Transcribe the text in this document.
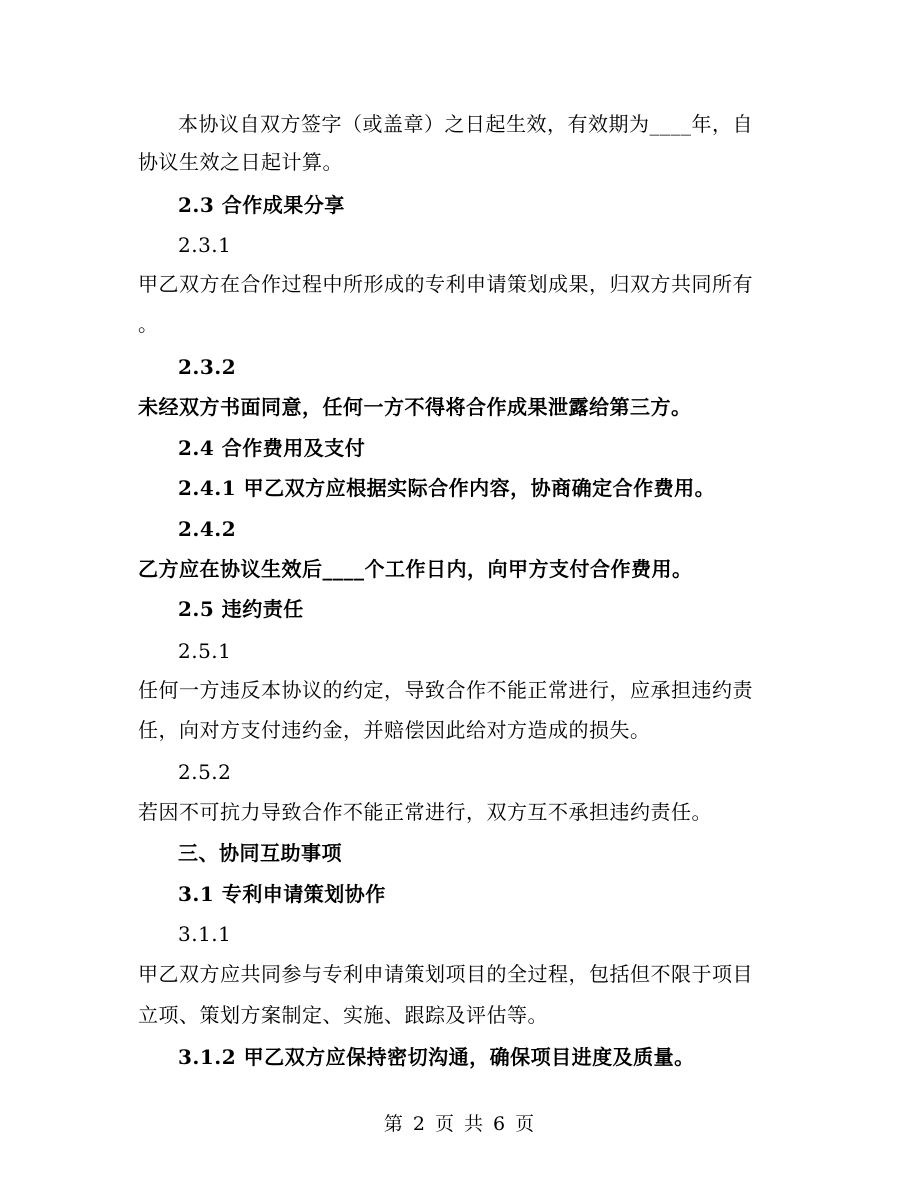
本协议自双方签字（或盖章）之日起生效，有效期为____年，自
协议生效之日起计算。
2.3 合作成果分享
2.3.1
甲乙双方在合作过程中所形成的专利申请策划成果，归双方共同所有
。
2.3.2
未经双方书面同意，任何一方不得将合作成果泄露给第三方。
2.4 合作费用及支付
2.4.1 甲乙双方应根据实际合作内容，协商确定合作费用。
2.4.2
乙方应在协议生效后____个工作日内，向甲方支付合作费用。
2.5 违约责任
2.5.1
任何一方违反本协议的约定，导致合作不能正常进行，应承担违约责
任，向对方支付违约金，并赔偿因此给对方造成的损失。
2.5.2
若因不可抗力导致合作不能正常进行，双方互不承担违约责任。
三、协同互助事项
3.1 专利申请策划协作
3.1.1
甲乙双方应共同参与专利申请策划项目的全过程，包括但不限于项目
立项、策划方案制定、实施、跟踪及评估等。
3.1.2 甲乙双方应保持密切沟通，确保项目进度及质量。
第 2 页 共 6 页
